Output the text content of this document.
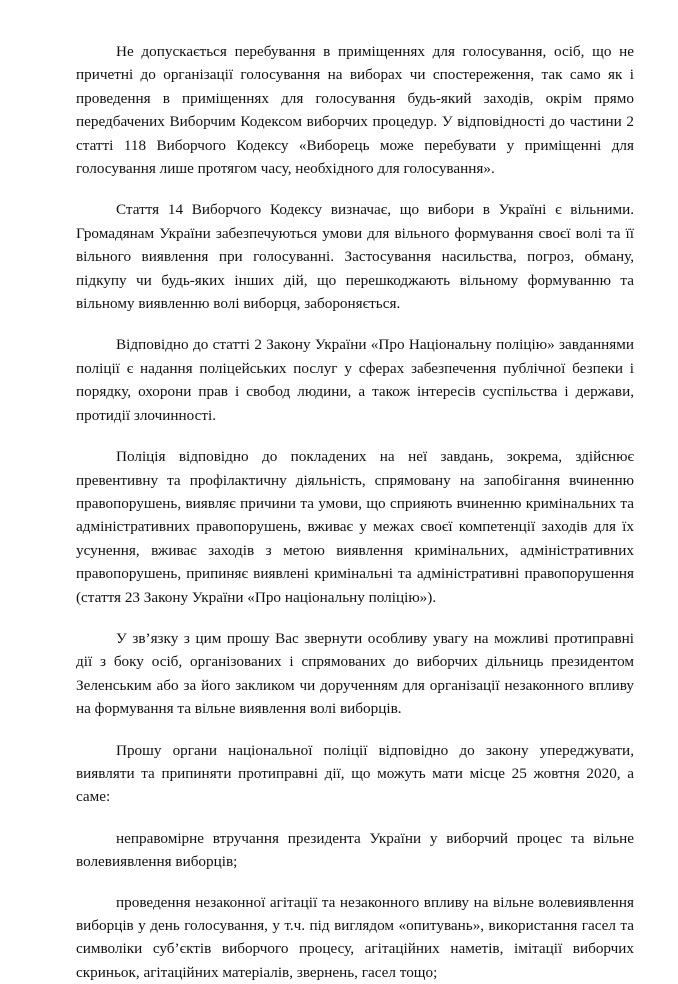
Не допускається перебування в приміщеннях для голосування, осіб, що не причетні до організації голосування на виборах чи спостереження, так само як і проведення в приміщеннях для голосування будь-який заходів, окрім прямо передбачених Виборчим Кодексом виборчих процедур. У відповідності до частини 2 статті 118 Виборчого Кодексу «Виборець може перебувати у приміщенні для голосування лише протягом часу, необхідного для голосування».

Стаття 14 Виборчого Кодексу визначає, що вибори в Україні є вільними. Громадянам України забезпечуються умови для вільного формування своєї волі та її вільного виявлення при голосуванні. Застосування насильства, погроз, обману, підкупу чи будь-яких інших дій, що перешкоджають вільному формуванню та вільному виявленню волі виборця, забороняється.

Відповідно до статті 2 Закону України «Про Національну поліцію» завданнями поліції є надання поліцейських послуг у сферах забезпечення публічної безпеки і порядку, охорони прав і свобод людини, а також інтересів суспільства і держави, протидії злочинності.

Поліція відповідно до покладених на неї завдань, зокрема, здійснює превентивну та профілактичну діяльність, спрямовану на запобігання вчиненню правопорушень, виявляє причини та умови, що сприяють вчиненню кримінальних та адміністративних правопорушень, вживає у межах своєї компетенції заходів для їх усунення, вживає заходів з метою виявлення кримінальних, адміністративних правопорушень, припиняє виявлені кримінальні та адміністративні правопорушення (стаття 23 Закону України «Про національну поліцію»).

У зв’язку з цим прошу Вас звернути особливу увагу на можливі протиправні дії з боку осіб, організованих і спрямованих до виборчих дільниць президентом Зеленським або за його закликом чи дорученням для організації незаконного впливу на формування та вільне виявлення волі виборців.

Прошу органи національної поліції відповідно до закону упереджувати, виявляти та припиняти протиправні дії, що можуть мати місце 25 жовтня 2020, а саме:

неправомірне втручання президента України у виборчий процес та вільне волевиявлення виборців;

проведення незаконної агітації та незаконного впливу на вільне волевиявлення виборців у день голосування, у т.ч. під виглядом «опитувань», використання гасел та символіки суб’єктів виборчого процесу, агітаційних наметів, імітації виборчих скриньок, агітаційних матеріалів, звернень, гасел тощо;
